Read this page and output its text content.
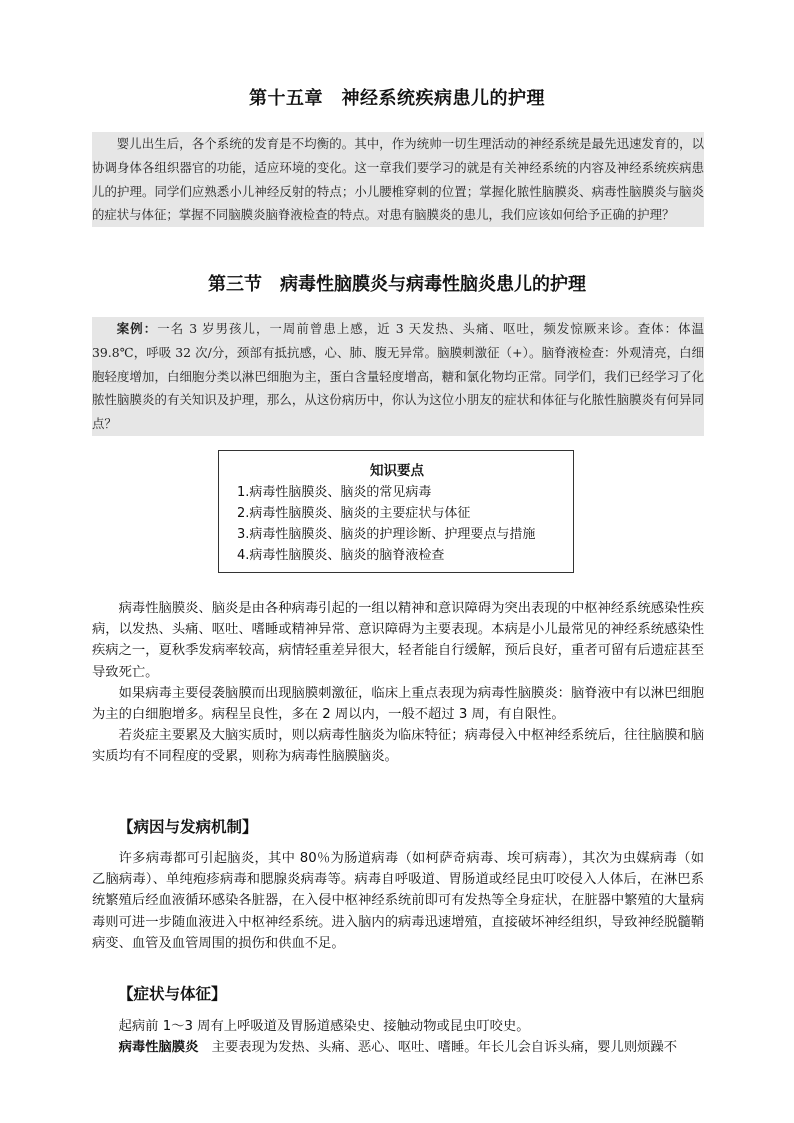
第十五章　神经系统疾病患儿的护理

婴儿出生后，各个系统的发育是不均衡的。其中，作为统帅一切生理活动的神经系统是最先迅速发育的，以协调身体各组织器官的功能，适应环境的变化。这一章我们要学习的就是有关神经系统的内容及神经系统疾病患儿的护理。同学们应熟悉小儿神经反射的特点；小儿腰椎穿刺的位置；掌握化脓性脑膜炎、病毒性脑膜炎与脑炎的症状与体征；掌握不同脑膜炎脑脊液检查的特点。对患有脑膜炎的患儿，我们应该如何给予正确的护理？

第三节　病毒性脑膜炎与病毒性脑炎患儿的护理

案例：一名 3 岁男孩儿，一周前曾患上感，近 3 天发热、头痛、呕吐，频发惊厥来诊。查体：体温 39.8℃，呼吸 32 次/分，颈部有抵抗感，心、肺、腹无异常。脑膜刺激征（+）。脑脊液检查：外观清亮，白细胞轻度增加，白细胞分类以淋巴细胞为主，蛋白含量轻度增高，糖和氯化物均正常。同学们，我们已经学习了化脓性脑膜炎的有关知识及护理，那么，从这份病历中，你认为这位小朋友的症状和体征与化脓性脑膜炎有何异同点？

知识要点

1.病毒性脑膜炎、脑炎的常见病毒

2.病毒性脑膜炎、脑炎的主要症状与体征

3.病毒性脑膜炎、脑炎的护理诊断、护理要点与措施

4.病毒性脑膜炎、脑炎的脑脊液检查

病毒性脑膜炎、脑炎是由各种病毒引起的一组以精神和意识障碍为突出表现的中枢神经系统感染性疾病，以发热、头痛、呕吐、嗜睡或精神异常、意识障碍为主要表现。本病是小儿最常见的神经系统感染性疾病之一，夏秋季发病率较高，病情轻重差异很大，轻者能自行缓解，预后良好，重者可留有后遗症甚至导致死亡。

如果病毒主要侵袭脑膜而出现脑膜刺激征，临床上重点表现为病毒性脑膜炎：脑脊液中有以淋巴细胞为主的白细胞增多。病程呈良性，多在 2 周以内，一般不超过 3 周，有自限性。

若炎症主要累及大脑实质时，则以病毒性脑炎为临床特征；病毒侵入中枢神经系统后，往往脑膜和脑实质均有不同程度的受累，则称为病毒性脑膜脑炎。

【病因与发病机制】

许多病毒都可引起脑炎，其中 80％为肠道病毒（如柯萨奇病毒、埃可病毒），其次为虫媒病毒（如乙脑病毒）、单纯疱疹病毒和腮腺炎病毒等。病毒自呼吸道、胃肠道或经昆虫叮咬侵入人体后，在淋巴系统繁殖后经血液循环感染各脏器，在入侵中枢神经系统前即可有发热等全身症状，在脏器中繁殖的大量病毒则可进一步随血液进入中枢神经系统。进入脑内的病毒迅速增殖，直接破坏神经组织，导致神经脱髓鞘病变、血管及血管周围的损伤和供血不足。

【症状与体征】

起病前 1～3 周有上呼吸道及胃肠道感染史、接触动物或昆虫叮咬史。

病毒性脑膜炎　主要表现为发热、头痛、恶心、呕吐、嗜睡。年长儿会自诉头痛，婴儿则烦躁不
